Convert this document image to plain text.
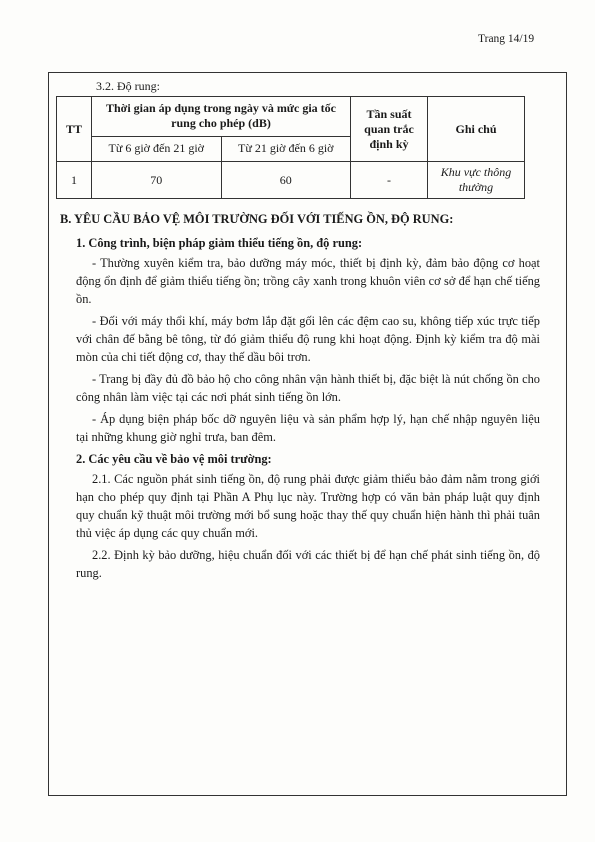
Trang 14/19
3.2. Độ rung:
TT	Thời gian áp dụng trong ngày và mức gia tốc rung cho phép (dB)		Tần suất quan trắc định kỳ	Ghi chú
	Từ 6 giờ đến 21 giờ	Từ 21 giờ đến 6 giờ		
1	70	60	-	Khu vực thông thường
B. YÊU CẦU BẢO VỆ MÔI TRƯỜNG ĐỐI VỚI TIẾNG ỒN, ĐỘ RUNG:
1. Công trình, biện pháp giảm thiểu tiếng ồn, độ rung:

- Thường xuyên kiểm tra, bảo dưỡng máy móc, thiết bị định kỳ, đảm bảo động cơ hoạt động ổn định để giảm thiểu tiếng ồn; trồng cây xanh trong khuôn viên cơ sở để hạn chế tiếng ồn.

- Đối với máy thổi khí, máy bơm lắp đặt gối lên các đệm cao su, không tiếp xúc trực tiếp với chân đế bằng bê tông, từ đó giảm thiểu độ rung khi hoạt động. Định kỳ kiểm tra độ mài mòn của chi tiết động cơ, thay thế dầu bôi trơn.

- Trang bị đầy đủ đồ bảo hộ cho công nhân vận hành thiết bị, đặc biệt là nút chống ồn cho công nhân làm việc tại các nơi phát sinh tiếng ồn lớn.

- Áp dụng biện pháp bốc dỡ nguyên liệu và sản phẩm hợp lý, hạn chế nhập nguyên liệu tại những khung giờ nghỉ trưa, ban đêm.

2. Các yêu cầu về bảo vệ môi trường:

2.1. Các nguồn phát sinh tiếng ồn, độ rung phải được giảm thiểu bảo đảm nằm trong giới hạn cho phép quy định tại Phần A Phụ lục này. Trường hợp có văn bản pháp luật quy định quy chuẩn kỹ thuật môi trường mới bổ sung hoặc thay thế quy chuẩn hiện hành thì phải tuân thủ việc áp dụng các quy chuẩn mới.

2.2. Định kỳ bảo dưỡng, hiệu chuẩn đối với các thiết bị để hạn chế phát sinh tiếng ồn, độ rung.
